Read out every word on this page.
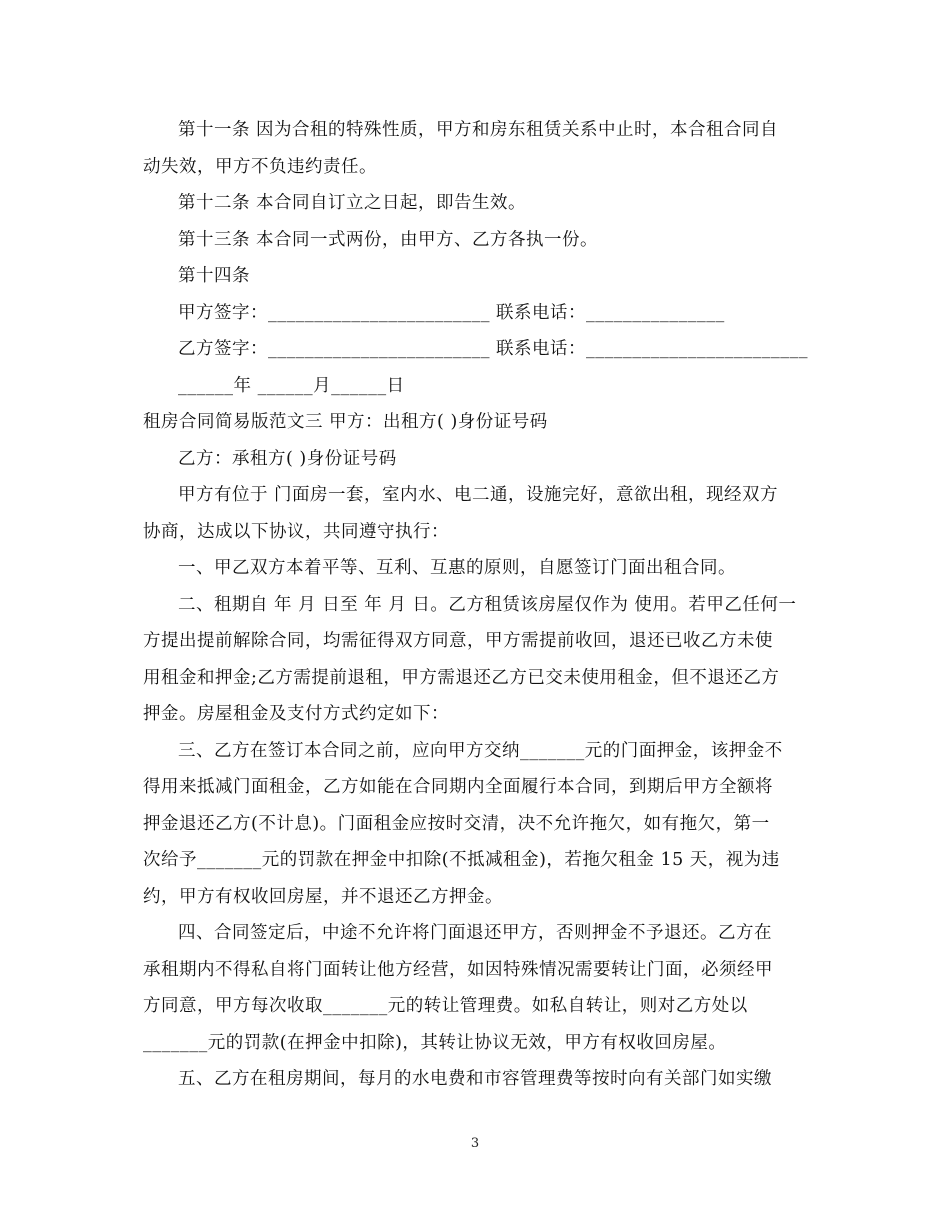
第十一条 因为合租的特殊性质，甲方和房东租赁关系中止时，本合租合同自
动失效，甲方不负违约责任。
第十二条 本合同自订立之日起，即告生效。
第十三条 本合同一式两份，由甲方、乙方各执一份。
第十四条
甲方签字：________________________ 联系电话：_______________
乙方签字：________________________ 联系电话：________________________
______年 ______月______日
租房合同简易版范文三 甲方：出租方( )身份证号码
乙方：承租方( )身份证号码
甲方有位于 门面房一套，室内水、电二通，设施完好，意欲出租，现经双方
协商，达成以下协议，共同遵守执行：
一、甲乙双方本着平等、互利、互惠的原则，自愿签订门面出租合同。
二、租期自 年 月 日至 年 月 日。乙方租赁该房屋仅作为 使用。若甲乙任何一
方提出提前解除合同，均需征得双方同意，甲方需提前收回，退还已收乙方未使
用租金和押金;乙方需提前退租，甲方需退还乙方已交未使用租金，但不退还乙方
押金。房屋租金及支付方式约定如下：
三、乙方在签订本合同之前，应向甲方交纳_______元的门面押金，该押金不
得用来抵减门面租金，乙方如能在合同期内全面履行本合同，到期后甲方全额将
押金退还乙方(不计息)。门面租金应按时交清，决不允许拖欠，如有拖欠，第一
次给予_______元的罚款在押金中扣除(不抵减租金)，若拖欠租金 15 天，视为违
约，甲方有权收回房屋，并不退还乙方押金。
四、合同签定后，中途不允许将门面退还甲方，否则押金不予退还。乙方在
承租期内不得私自将门面转让他方经营，如因特殊情况需要转让门面，必须经甲
方同意，甲方每次收取_______元的转让管理费。如私自转让，则对乙方处以
_______元的罚款(在押金中扣除)，其转让协议无效，甲方有权收回房屋。
五、乙方在租房期间，每月的水电费和市容管理费等按时向有关部门如实缴
3
